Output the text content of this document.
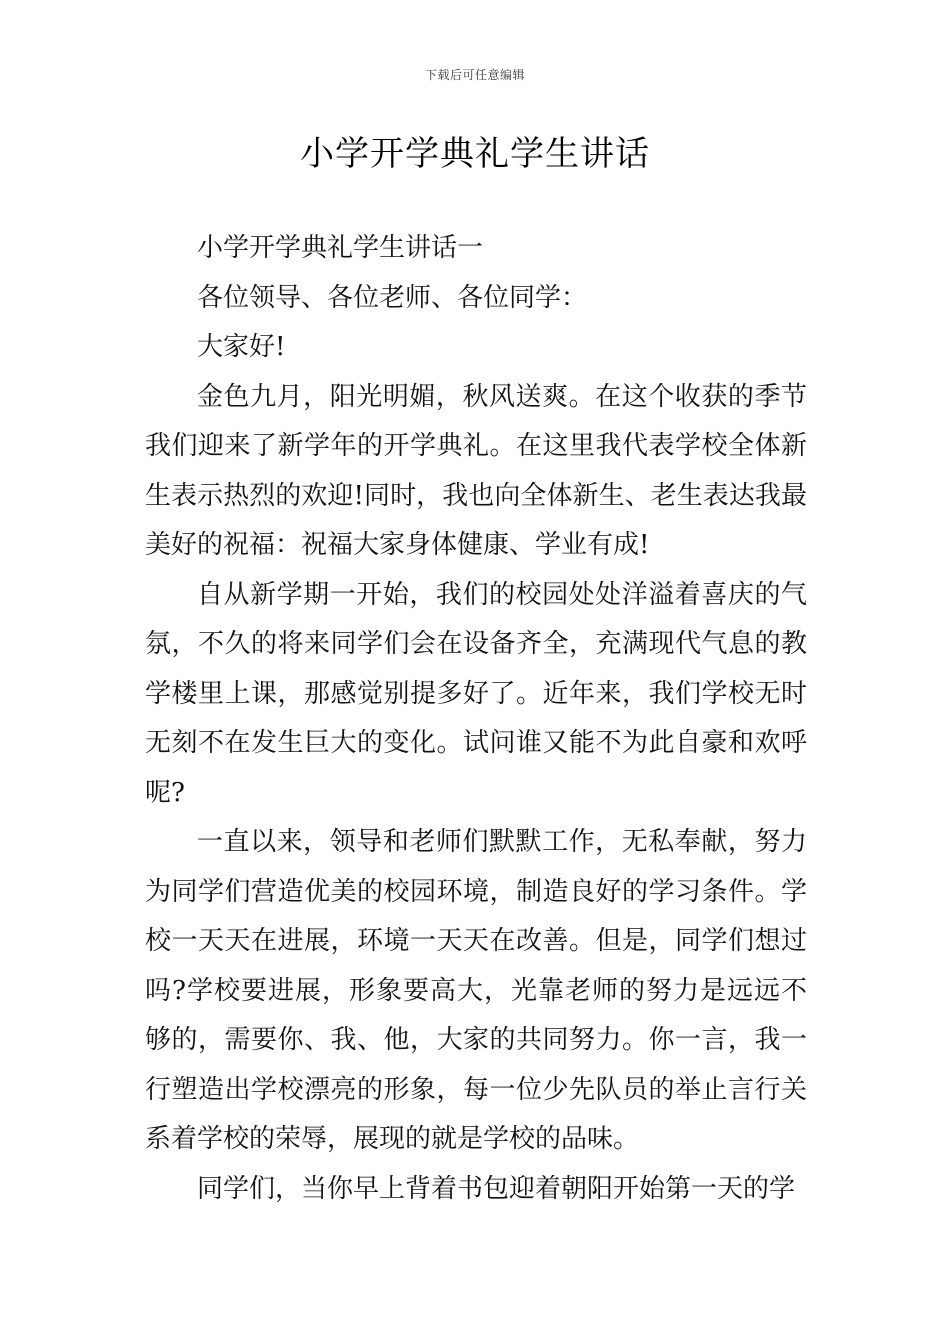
下载后可任意编辑
小学开学典礼学生讲话

小学开学典礼学生讲话一

各位领导、各位老师、各位同学：

大家好!

金色九月，阳光明媚，秋风送爽。在这个收获的季节我们迎来了新学年的开学典礼。在这里我代表学校全体新生表示热烈的欢迎!同时，我也向全体新生、老生表达我最美好的祝福：祝福大家身体健康、学业有成!

自从新学期一开始，我们的校园处处洋溢着喜庆的气氛，不久的将来同学们会在设备齐全，充满现代气息的教学楼里上课，那感觉别提多好了。近年来，我们学校无时无刻不在发生巨大的变化。试问谁又能不为此自豪和欢呼呢?

一直以来，领导和老师们默默工作，无私奉献，努力为同学们营造优美的校园环境，制造良好的学习条件。学校一天天在进展，环境一天天在改善。但是，同学们想过吗?学校要进展，形象要高大，光靠老师的努力是远远不够的，需要你、我、他，大家的共同努力。你一言，我一行塑造出学校漂亮的形象，每一位少先队员的举止言行关系着学校的荣辱，展现的就是学校的品味。

同学们，当你早上背着书包迎着朝阳开始第一天的学
